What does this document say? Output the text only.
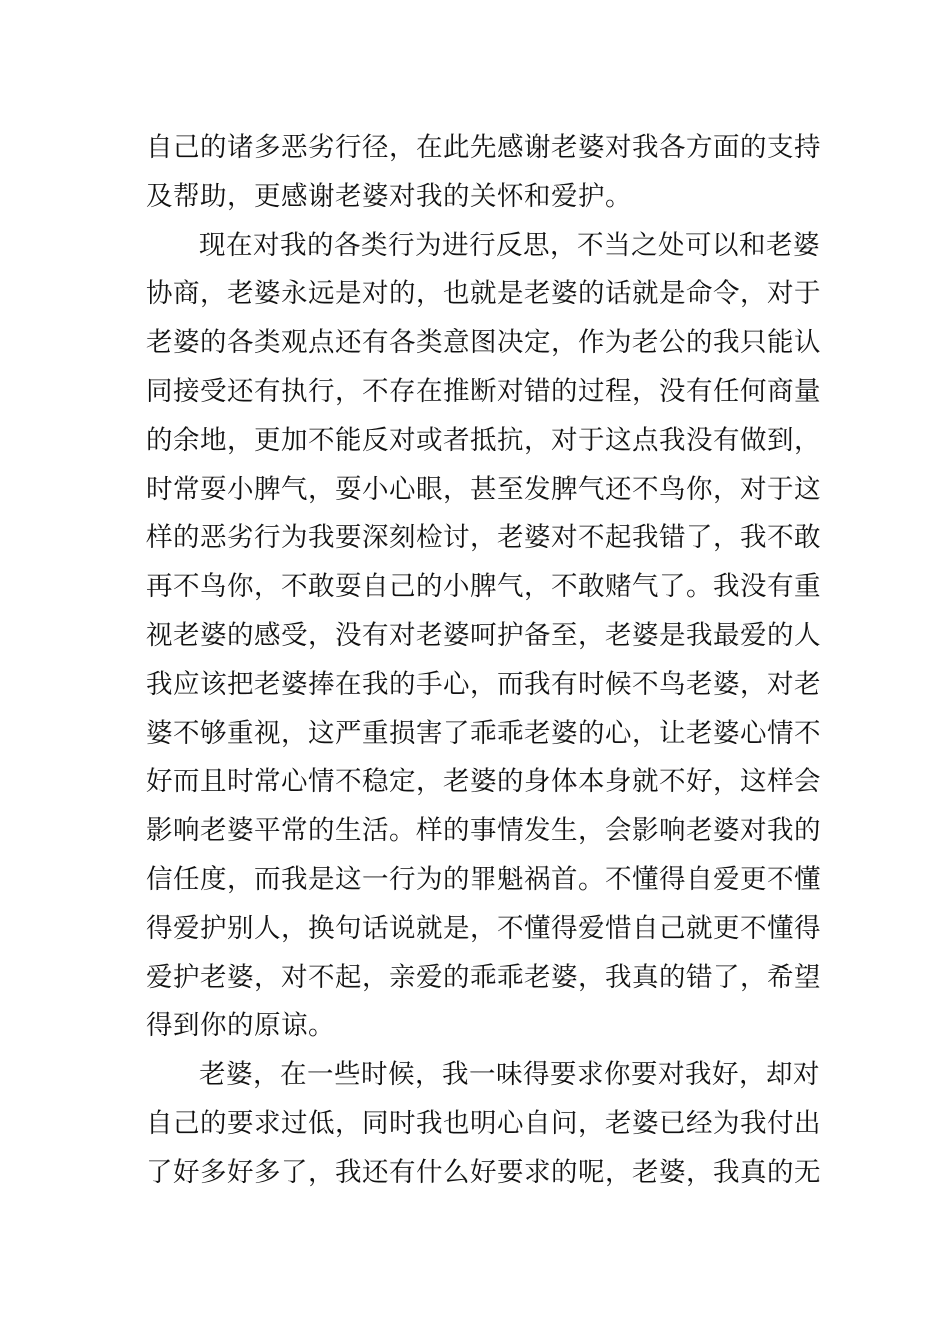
自己的诸多恶劣行径，在此先感谢老婆对我各方面的支持
及帮助，更感谢老婆对我的关怀和爱护。
现在对我的各类行为进行反思，不当之处可以和老婆
协商，老婆永远是对的，也就是老婆的话就是命令，对于
老婆的各类观点还有各类意图决定，作为老公的我只能认
同接受还有执行，不存在推断对错的过程，没有任何商量
的余地，更加不能反对或者抵抗，对于这点我没有做到，
时常耍小脾气，耍小心眼，甚至发脾气还不鸟你，对于这
样的恶劣行为我要深刻检讨，老婆对不起我错了，我不敢
再不鸟你，不敢耍自己的小脾气，不敢赌气了。我没有重
视老婆的感受，没有对老婆呵护备至，老婆是我最爱的人
我应该把老婆捧在我的手心，而我有时候不鸟老婆，对老
婆不够重视，这严重损害了乖乖老婆的心，让老婆心情不
好而且时常心情不稳定，老婆的身体本身就不好，这样会
影响老婆平常的生活。样的事情发生，会影响老婆对我的
信任度，而我是这一行为的罪魁祸首。不懂得自爱更不懂
得爱护别人，换句话说就是，不懂得爱惜自己就更不懂得
爱护老婆，对不起，亲爱的乖乖老婆，我真的错了，希望
得到你的原谅。
老婆，在一些时候，我一味得要求你要对我好，却对
自己的要求过低，同时我也明心自问，老婆已经为我付出
了好多好多了，我还有什么好要求的呢，老婆，我真的无
